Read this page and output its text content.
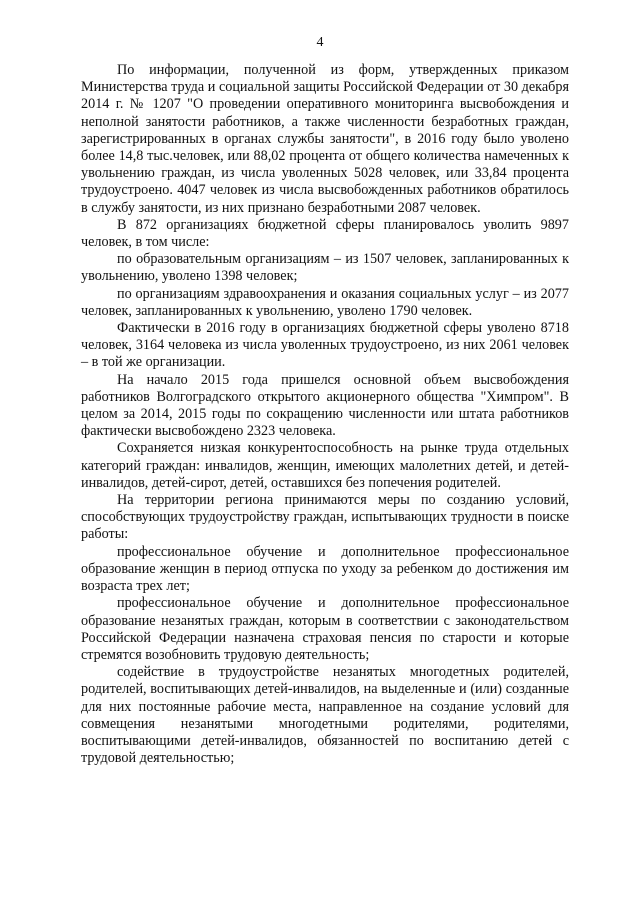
4

По информации, полученной из форм, утвержденных приказом Министерства труда и социальной защиты Российской Федерации от 30 декабря 2014 г. № 1207 "О проведении оперативного мониторинга высвобождения и неполной занятости работников, а также численности безработных граждан, зарегистрированных в органах службы занятости", в 2016 году было уволено более 14,8 тыс.человек, или 88,02 процента от общего количества намеченных к увольнению граждан, из числа уволенных 5028 человек, или 33,84 процента трудоустроено. 4047 человек из числа высвобожденных работников обратилось в службу занятости, из них признано безработными 2087 человек.

В 872 организациях бюджетной сферы планировалось уволить 9897 человек, в том числе:

по образовательным организациям – из 1507 человек, запланированных к увольнению, уволено 1398 человек;

по организациям здравоохранения и оказания социальных услуг – из 2077 человек, запланированных к увольнению, уволено 1790 человек.

Фактически в 2016 году в организациях бюджетной сферы уволено 8718 человек, 3164 человека из числа уволенных трудоустроено, из них 2061 человек – в той же организации.

На начало 2015 года пришелся основной объем высвобождения работников Волгоградского открытого акционерного общества "Химпром". В целом за 2014, 2015 годы по сокращению численности или штата работников фактически высвобождено 2323 человека.

Сохраняется низкая конкурентоспособность на рынке труда отдельных категорий граждан: инвалидов, женщин, имеющих малолетних детей, и детей-инвалидов, детей-сирот, детей, оставшихся без попечения родителей.

На территории региона принимаются меры по созданию условий, способствующих трудоустройству граждан, испытывающих трудности в поиске работы:

профессиональное обучение и дополнительное профессиональное образование женщин в период отпуска по уходу за ребенком до достижения им возраста трех лет;

профессиональное обучение и дополнительное профессиональное образование незанятых граждан, которым в соответствии с законодательством Российской Федерации назначена страховая пенсия по старости и которые стремятся возобновить трудовую деятельность;

содействие в трудоустройстве незанятых многодетных родителей, родителей, воспитывающих детей-инвалидов, на выделенные и (или) созданные для них постоянные рабочие места, направленное на создание условий для совмещения незанятыми многодетными родителями, родителями, воспитывающими детей-инвалидов, обязанностей по воспитанию детей с трудовой деятельностью;
